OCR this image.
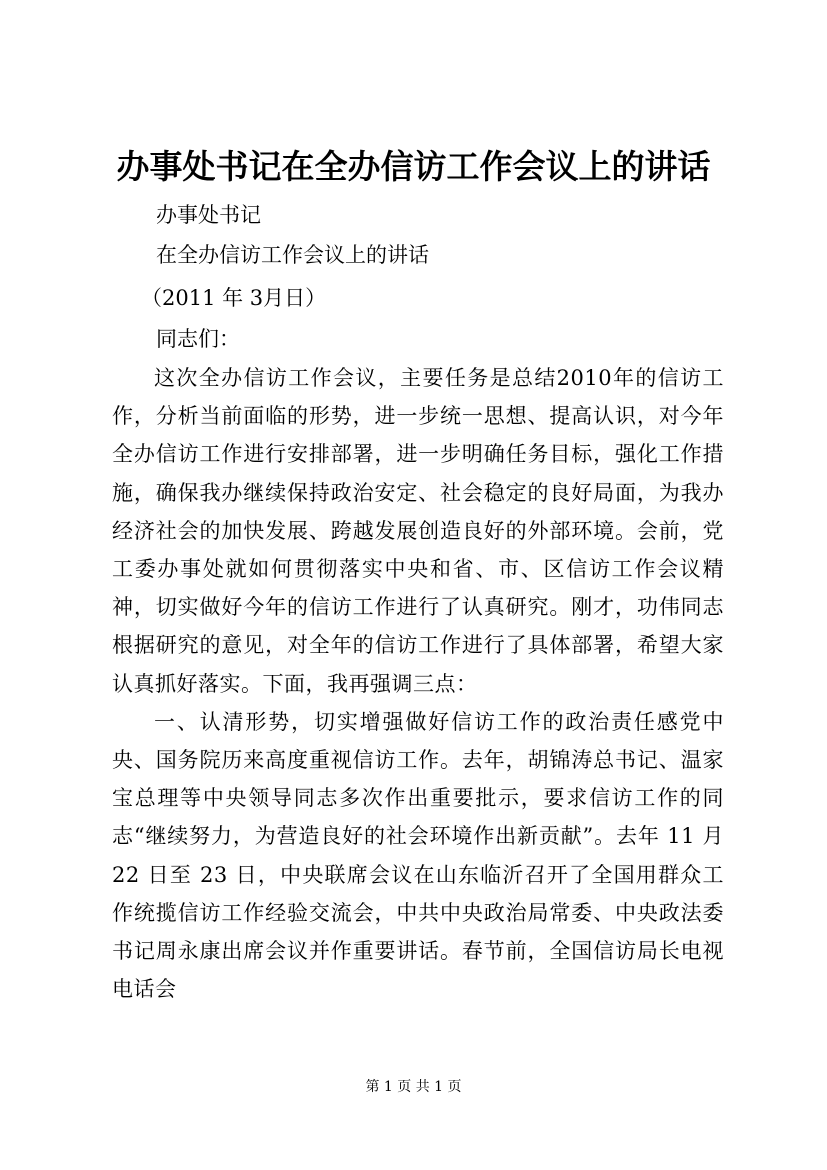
办事处书记在全办信访工作会议上的讲话
办事处书记
在全办信访工作会议上的讲话
（2011 年 3月日）
同志们：

这次全办信访工作会议，主要任务是总结2010年的信访工作，分析当前面临的形势，进一步统一思想、提高认识，对今年全办信访工作进行安排部署，进一步明确任务目标，强化工作措施，确保我办继续保持政治安定、社会稳定的良好局面，为我办经济社会的加快发展、跨越发展创造良好的外部环境。会前，党工委办事处就如何贯彻落实中央和省、市、区信访工作会议精神，切实做好今年的信访工作进行了认真研究。刚才，功伟同志根据研究的意见，对全年的信访工作进行了具体部署，希望大家认真抓好落实。下面，我再强调三点：

一、认清形势，切实增强做好信访工作的政治责任感党中央、国务院历来高度重视信访工作。去年，胡锦涛总书记、温家宝总理等中央领导同志多次作出重要批示，要求信访工作的同志“继续努力，为营造良好的社会环境作出新贡献”。去年 11 月 22 日至 23 日，中央联席会议在山东临沂召开了全国用群众工作统揽信访工作经验交流会，中共中央政治局常委、中央政法委书记周永康出席会议并作重要讲话。春节前，全国信访局长电视电话会

第 1 页 共 1 页
